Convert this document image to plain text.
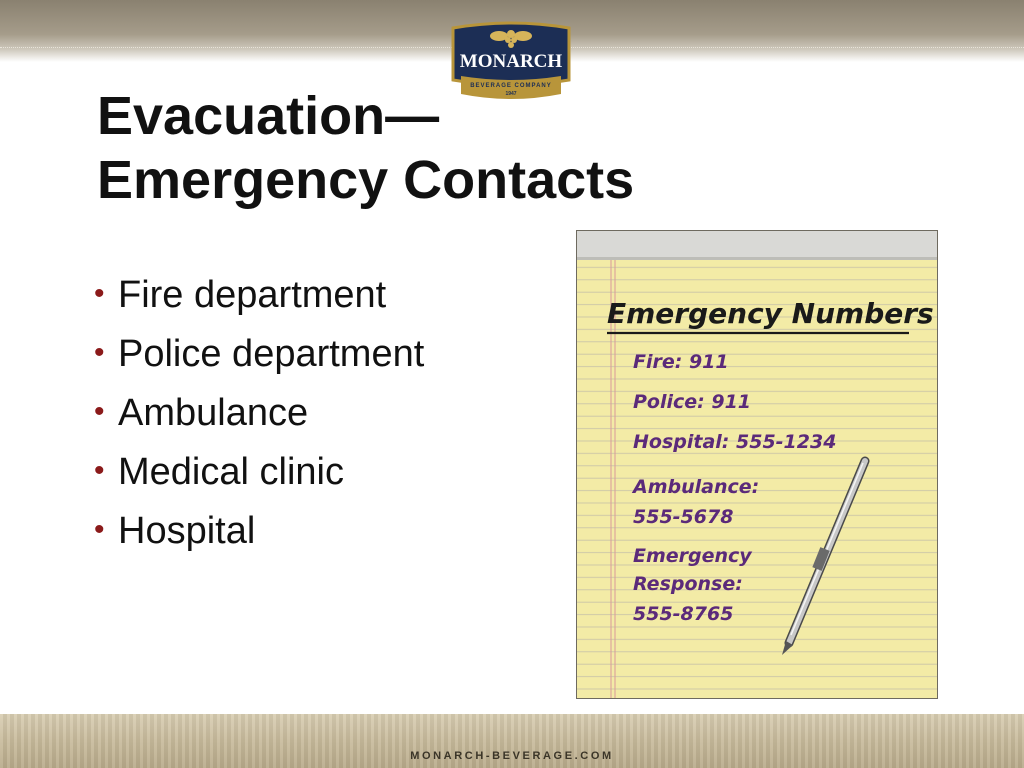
MONARCH
BEVERAGE COMPANY
1947
Evacuation—
Emergency Contacts
• Fire department
• Police department
• Ambulance
• Medical clinic
• Hospital
Emergency Numbers
Fire: 911
Police: 911
Hospital: 555-1234
Ambulance:
555-5678
Emergency
Response:
555-8765
MONARCH-BEVERAGE.COM
